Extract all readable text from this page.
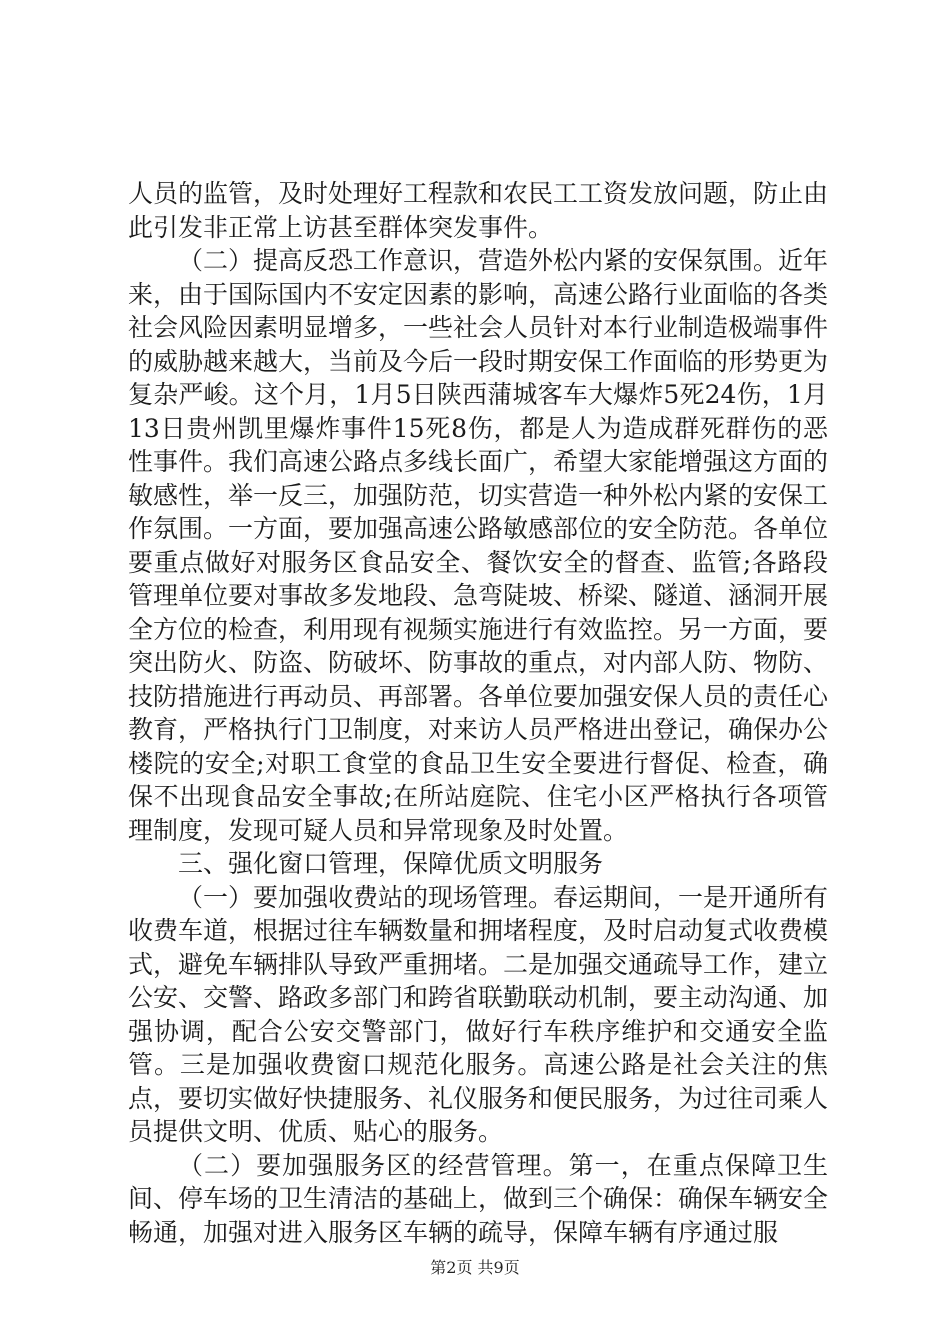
人员的监管，及时处理好工程款和农民工工资发放问题，防止由此引发非正常上访甚至群体突发事件。

（二）提高反恐工作意识，营造外松内紧的安保氛围。近年来，由于国际国内不安定因素的影响，高速公路行业面临的各类社会风险因素明显增多，一些社会人员针对本行业制造极端事件的威胁越来越大，当前及今后一段时期安保工作面临的形势更为复杂严峻。这个月，1月5日陕西蒲城客车大爆炸5死24伤，1月13日贵州凯里爆炸事件15死8伤，都是人为造成群死群伤的恶性事件。我们高速公路点多线长面广，希望大家能增强这方面的敏感性，举一反三，加强防范，切实营造一种外松内紧的安保工作氛围。一方面，要加强高速公路敏感部位的安全防范。各单位要重点做好对服务区食品安全、餐饮安全的督查、监管;各路段管理单位要对事故多发地段、急弯陡坡、桥梁、隧道、涵洞开展全方位的检查，利用现有视频实施进行有效监控。另一方面，要突出防火、防盗、防破坏、防事故的重点，对内部人防、物防、技防措施进行再动员、再部署。各单位要加强安保人员的责任心教育，严格执行门卫制度，对来访人员严格进出登记，确保办公楼院的安全;对职工食堂的食品卫生安全要进行督促、检查，确保不出现食品安全事故;在所站庭院、住宅小区严格执行各项管理制度，发现可疑人员和异常现象及时处置。

三、强化窗口管理，保障优质文明服务

（一）要加强收费站的现场管理。春运期间，一是开通所有收费车道，根据过往车辆数量和拥堵程度，及时启动复式收费模式，避免车辆排队导致严重拥堵。二是加强交通疏导工作，建立公安、交警、路政多部门和跨省联勤联动机制，要主动沟通、加强协调，配合公安交警部门，做好行车秩序维护和交通安全监管。三是加强收费窗口规范化服务。高速公路是社会关注的焦点，要切实做好快捷服务、礼仪服务和便民服务，为过往司乘人员提供文明、优质、贴心的服务。

（二）要加强服务区的经营管理。第一，在重点保障卫生间、停车场的卫生清洁的基础上，做到三个确保：确保车辆安全畅通，加强对进入服务区车辆的疏导，保障车辆有序通过服

第2页 共9页
